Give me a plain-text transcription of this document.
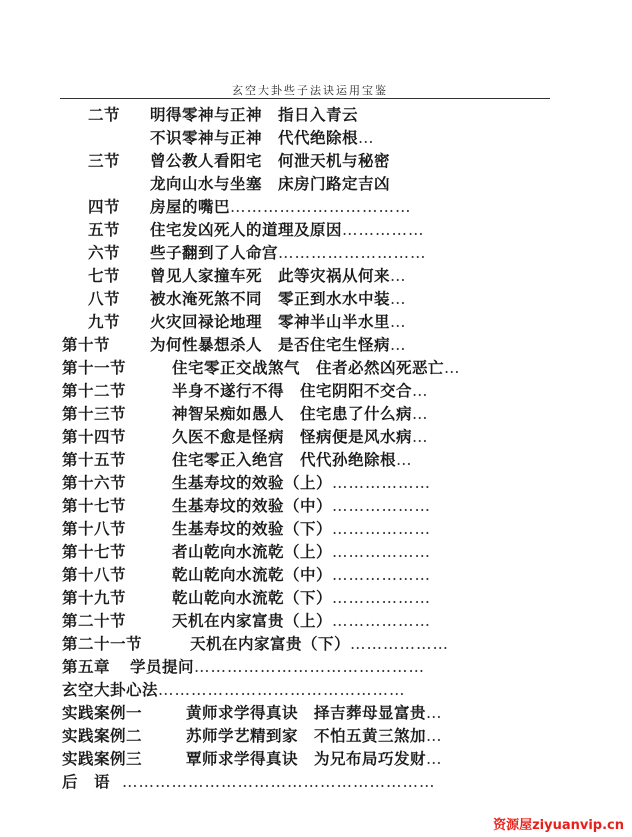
玄空大卦些子法诀运用宝鉴
二节 明得零神与正神　指日入青云
不识零神与正神　代代绝除根…
三节 曾公教人看阳宅　何泄天机与秘密
龙向山水与坐塞　床房门路定吉凶
四节 房屋的嘴巴……………………………
五节 住宅发凶死人的道理及原因……………
六节 些子翻到了人命宫………………………
七节 曾见人家撞车死　此等灾祸从何来…
八节 被水淹死煞不同　零正到水水中装…
九节 火灾回禄论地理　零神半山半水里…
第十节	为何性暴想杀人　是否住宅生怪病…
第十一节	住宅零正交战煞气　住者必然凶死恶亡…
第十二节	半身不遂行不得　住宅阴阳不交合…
第十三节	神智呆痴如愚人　住宅患了什么病…
第十四节	久医不愈是怪病　怪病便是风水病…
第十五节	住宅零正入绝宫　代代孙绝除根…
第十六节	生基寿坟的效验（上）………………
第十七节	生基寿坟的效验（中）………………
第十八节	生基寿坟的效验（下）………………
第十七节	者山乾向水流乾（上）………………
第十八节	乾山乾向水流乾（中）………………
第十九节	乾山乾向水流乾（下）………………
第二十节	天机在内家富贵（上）………………
第二十一节	天机在内家富贵（下）………………
第五章 学员提问……………………………………
玄空大卦心法………………………………………
实践案例一	黄师求学得真诀　择吉葬母显富贵…
实践案例二	苏师学艺精到家　不怕五黄三煞加…
实践案例三	覃师求学得真诀　为兄布局巧发财…
后　语 …………………………………………………
资源屋ziyuanvip.cn
